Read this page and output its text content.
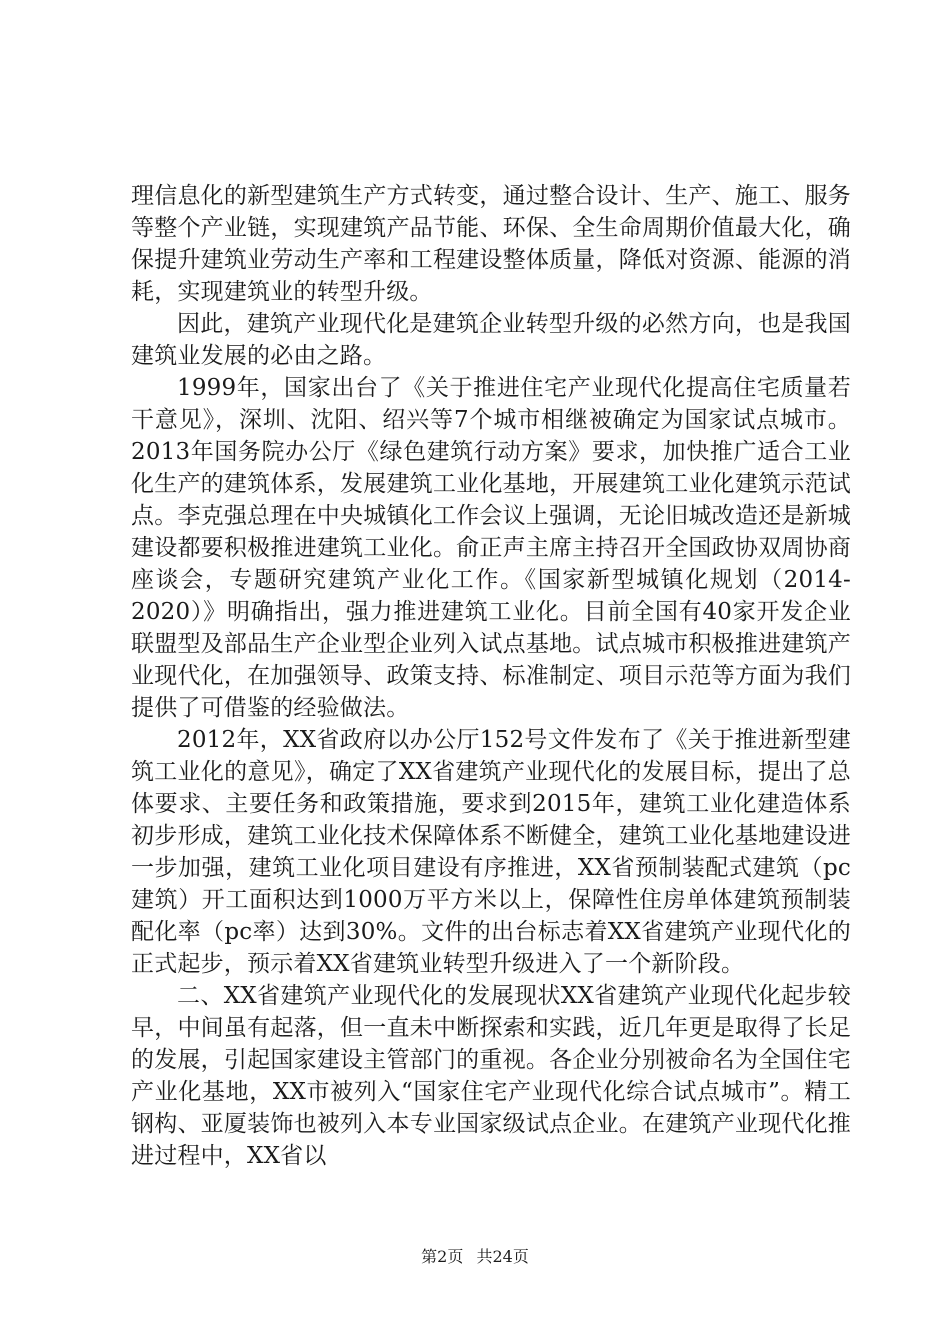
理信息化的新型建筑生产方式转变，通过整合设计、生产、施工、服务等整个产业链，实现建筑产品节能、环保、全生命周期价值最大化，确保提升建筑业劳动生产率和工程建设整体质量，降低对资源、能源的消耗，实现建筑业的转型升级。

因此，建筑产业现代化是建筑企业转型升级的必然方向，也是我国建筑业发展的必由之路。

1999年，国家出台了《关于推进住宅产业现代化提高住宅质量若干意见》，深圳、沈阳、绍兴等7个城市相继被确定为国家试点城市。2013年国务院办公厅《绿色建筑行动方案》要求，加快推广适合工业化生产的建筑体系，发展建筑工业化基地，开展建筑工业化建筑示范试点。李克强总理在中央城镇化工作会议上强调，无论旧城改造还是新城建设都要积极推进建筑工业化。俞正声主席主持召开全国政协双周协商座谈会，专题研究建筑产业化工作。《国家新型城镇化规划（2014-2020）》明确指出，强力推进建筑工业化。目前全国有40家开发企业联盟型及部品生产企业型企业列入试点基地。试点城市积极推进建筑产业现代化，在加强领导、政策支持、标准制定、项目示范等方面为我们提供了可借鉴的经验做法。

2012年，XX省政府以办公厅152号文件发布了《关于推进新型建筑工业化的意见》，确定了XX省建筑产业现代化的发展目标，提出了总体要求、主要任务和政策措施，要求到2015年，建筑工业化建造体系初步形成，建筑工业化技术保障体系不断健全，建筑工业化基地建设进一步加强，建筑工业化项目建设有序推进，XX省预制装配式建筑（pc建筑）开工面积达到1000万平方米以上，保障性住房单体建筑预制装配化率（pc率）达到30%。文件的出台标志着XX省建筑产业现代化的正式起步，预示着XX省建筑业转型升级进入了一个新阶段。

二、XX省建筑产业现代化的发展现状XX省建筑产业现代化起步较早，中间虽有起落，但一直未中断探索和实践，近几年更是取得了长足的发展，引起国家建设主管部门的重视。各企业分别被命名为全国住宅产业化基地，XX市被列入“国家住宅产业现代化综合试点城市”。精工钢构、亚厦装饰也被列入本专业国家级试点企业。在建筑产业现代化推进过程中，XX省以

第2页 共24页
